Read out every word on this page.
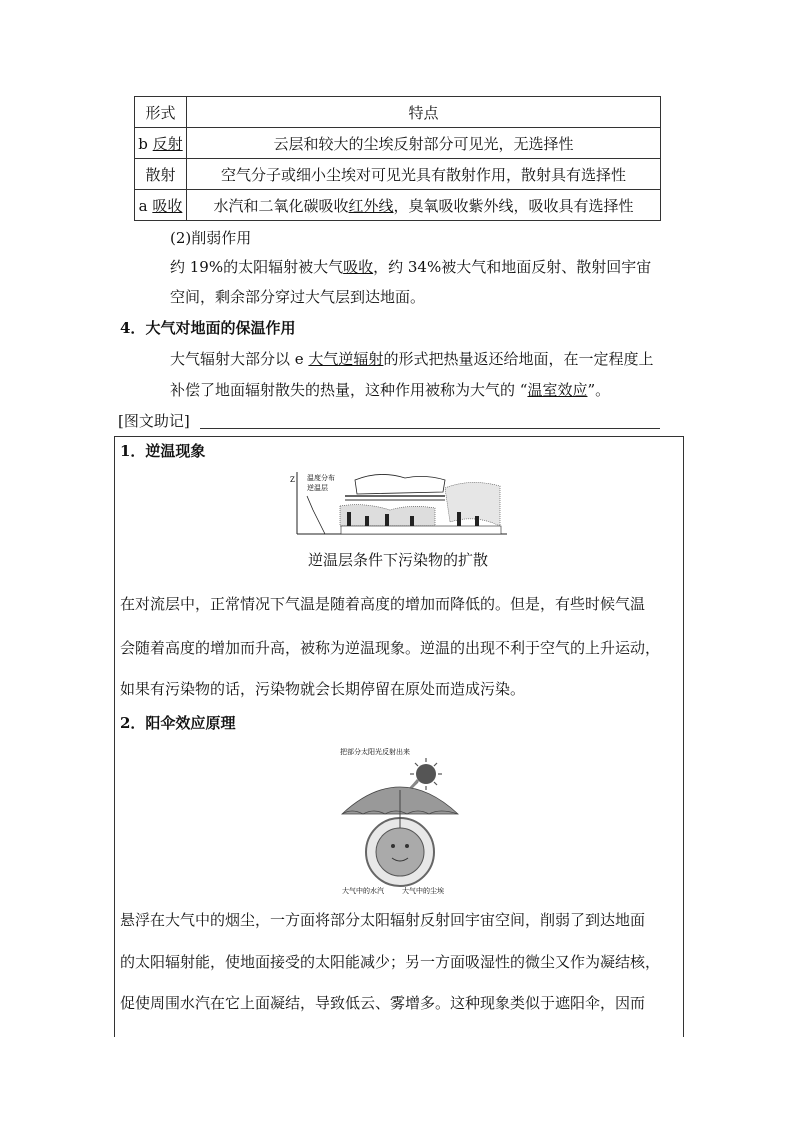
形式	特点
b 反射	云层和较大的尘埃反射部分可见光，无选择性
散射	空气分子或细小尘埃对可见光具有散射作用，散射具有选择性
a 吸收	水汽和二氧化碳吸收红外线，臭氧吸收紫外线，吸收具有选择性
(2)削弱作用
约 19%的太阳辐射被大气吸收，约 34%被大气和地面反射、散射回宇宙
空间，剩余部分穿过大气层到达地面。
4．大气对地面的保温作用
大气辐射大部分以 e 大气逆辐射的形式把热量返还给地面，在一定程度上
补偿了地面辐射散失的热量，这种作用被称为大气的 “温室效应”。
[图文助记]
1．逆温现象
Z 温度分布
逆温层
逆温层条件下污染物的扩散
在对流层中，正常情况下气温是随着高度的增加而降低的。但是，有些时候气温
会随着高度的增加而升高，被称为逆温现象。逆温的出现不利于空气的上升运动，
如果有污染物的话，污染物就会长期停留在原处而造成污染。
2．阳伞效应原理
把部分太阳光反射出来
大气中的水汽	大气中的尘埃
悬浮在大气中的烟尘，一方面将部分太阳辐射反射回宇宙空间，削弱了到达地面
的太阳辐射能，使地面接受的太阳能减少；另一方面吸湿性的微尘又作为凝结核，
促使周围水汽在它上面凝结，导致低云、雾增多。这种现象类似于遮阳伞，因而
